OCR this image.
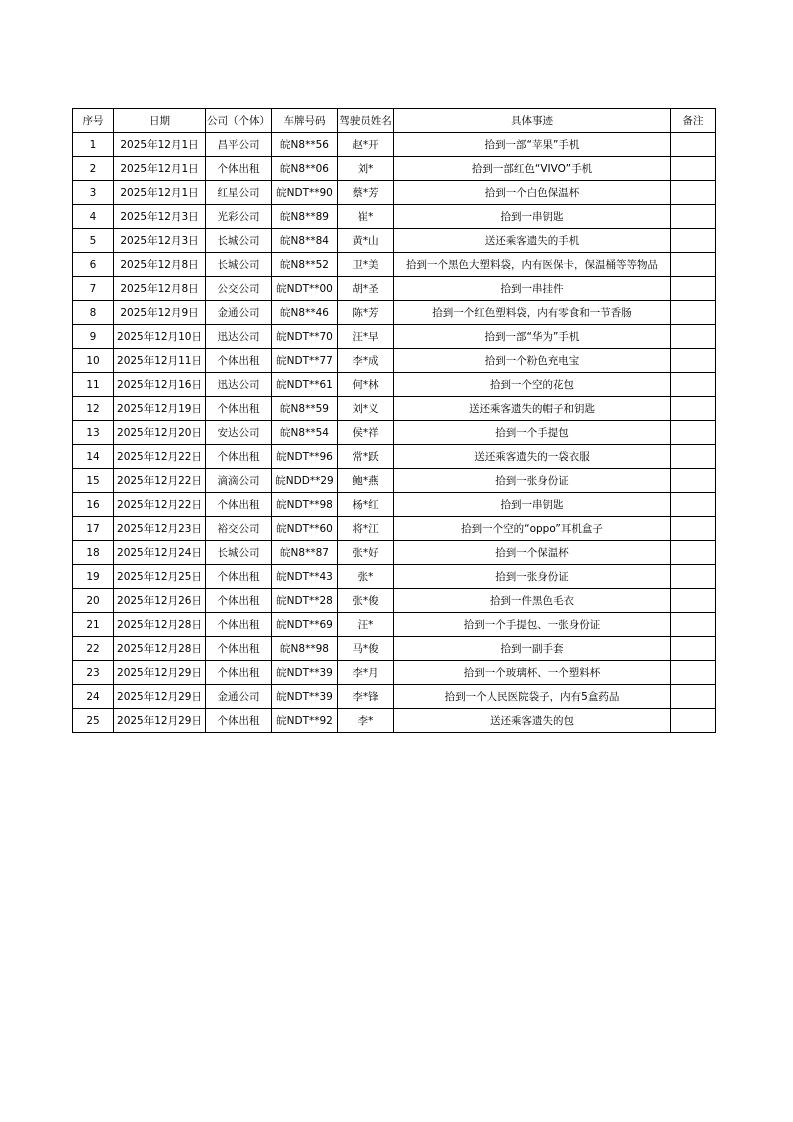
序号	日期	公司（个体）	车牌号码	驾驶员姓名	具体事迹	备注
1	2025年12月1日	昌平公司	皖N8**56	赵*开	拾到一部“苹果”手机	
2	2025年12月1日	个体出租	皖N8**06	刘*	拾到一部红色“VIVO”手机	
3	2025年12月1日	红星公司	皖NDT**90	蔡*芳	拾到一个白色保温杯	
4	2025年12月3日	光彩公司	皖N8**89	崔*	拾到一串钥匙	
5	2025年12月3日	长城公司	皖N8**84	黄*山	送还乘客遗失的手机	
6	2025年12月8日	长城公司	皖N8**52	卫*美	拾到一个黑色大塑料袋，内有医保卡，保温桶等等物品	
7	2025年12月8日	公交公司	皖NDT**00	胡*圣	拾到一串挂件	
8	2025年12月9日	金通公司	皖N8**46	陈*芳	拾到一个红色塑料袋，内有零食和一节香肠	
9	2025年12月10日	迅达公司	皖NDT**70	汪*早	拾到一部“华为”手机	
10	2025年12月11日	个体出租	皖NDT**77	李*成	拾到一个粉色充电宝	
11	2025年12月16日	迅达公司	皖NDT**61	何*林	拾到一个空的花包	
12	2025年12月19日	个体出租	皖N8**59	刘*义	送还乘客遗失的帽子和钥匙	
13	2025年12月20日	安达公司	皖N8**54	侯*祥	拾到一个手提包	
14	2025年12月22日	个体出租	皖NDT**96	常*跃	送还乘客遗失的一袋衣服	
15	2025年12月22日	滴滴公司	皖NDD**29	鲍*燕	拾到一张身份证	
16	2025年12月22日	个体出租	皖NDT**98	杨*红	拾到一串钥匙	
17	2025年12月23日	裕交公司	皖NDT**60	将*江	拾到一个空的“oppo”耳机盒子	
18	2025年12月24日	长城公司	皖N8**87	张*好	拾到一个保温杯	
19	2025年12月25日	个体出租	皖NDT**43	张*	拾到一张身份证	
20	2025年12月26日	个体出租	皖NDT**28	张*俊	拾到一件黑色毛衣	
21	2025年12月28日	个体出租	皖NDT**69	汪*	拾到一个手提包、一张身份证	
22	2025年12月28日	个体出租	皖N8**98	马*俊	拾到一副手套	
23	2025年12月29日	个体出租	皖NDT**39	李*月	拾到一个玻璃杯、一个塑料杯	
24	2025年12月29日	金通公司	皖NDT**39	李*锋	拾到一个人民医院袋子，内有5盒药品	
25	2025年12月29日	个体出租	皖NDT**92	李*	送还乘客遗失的包	
